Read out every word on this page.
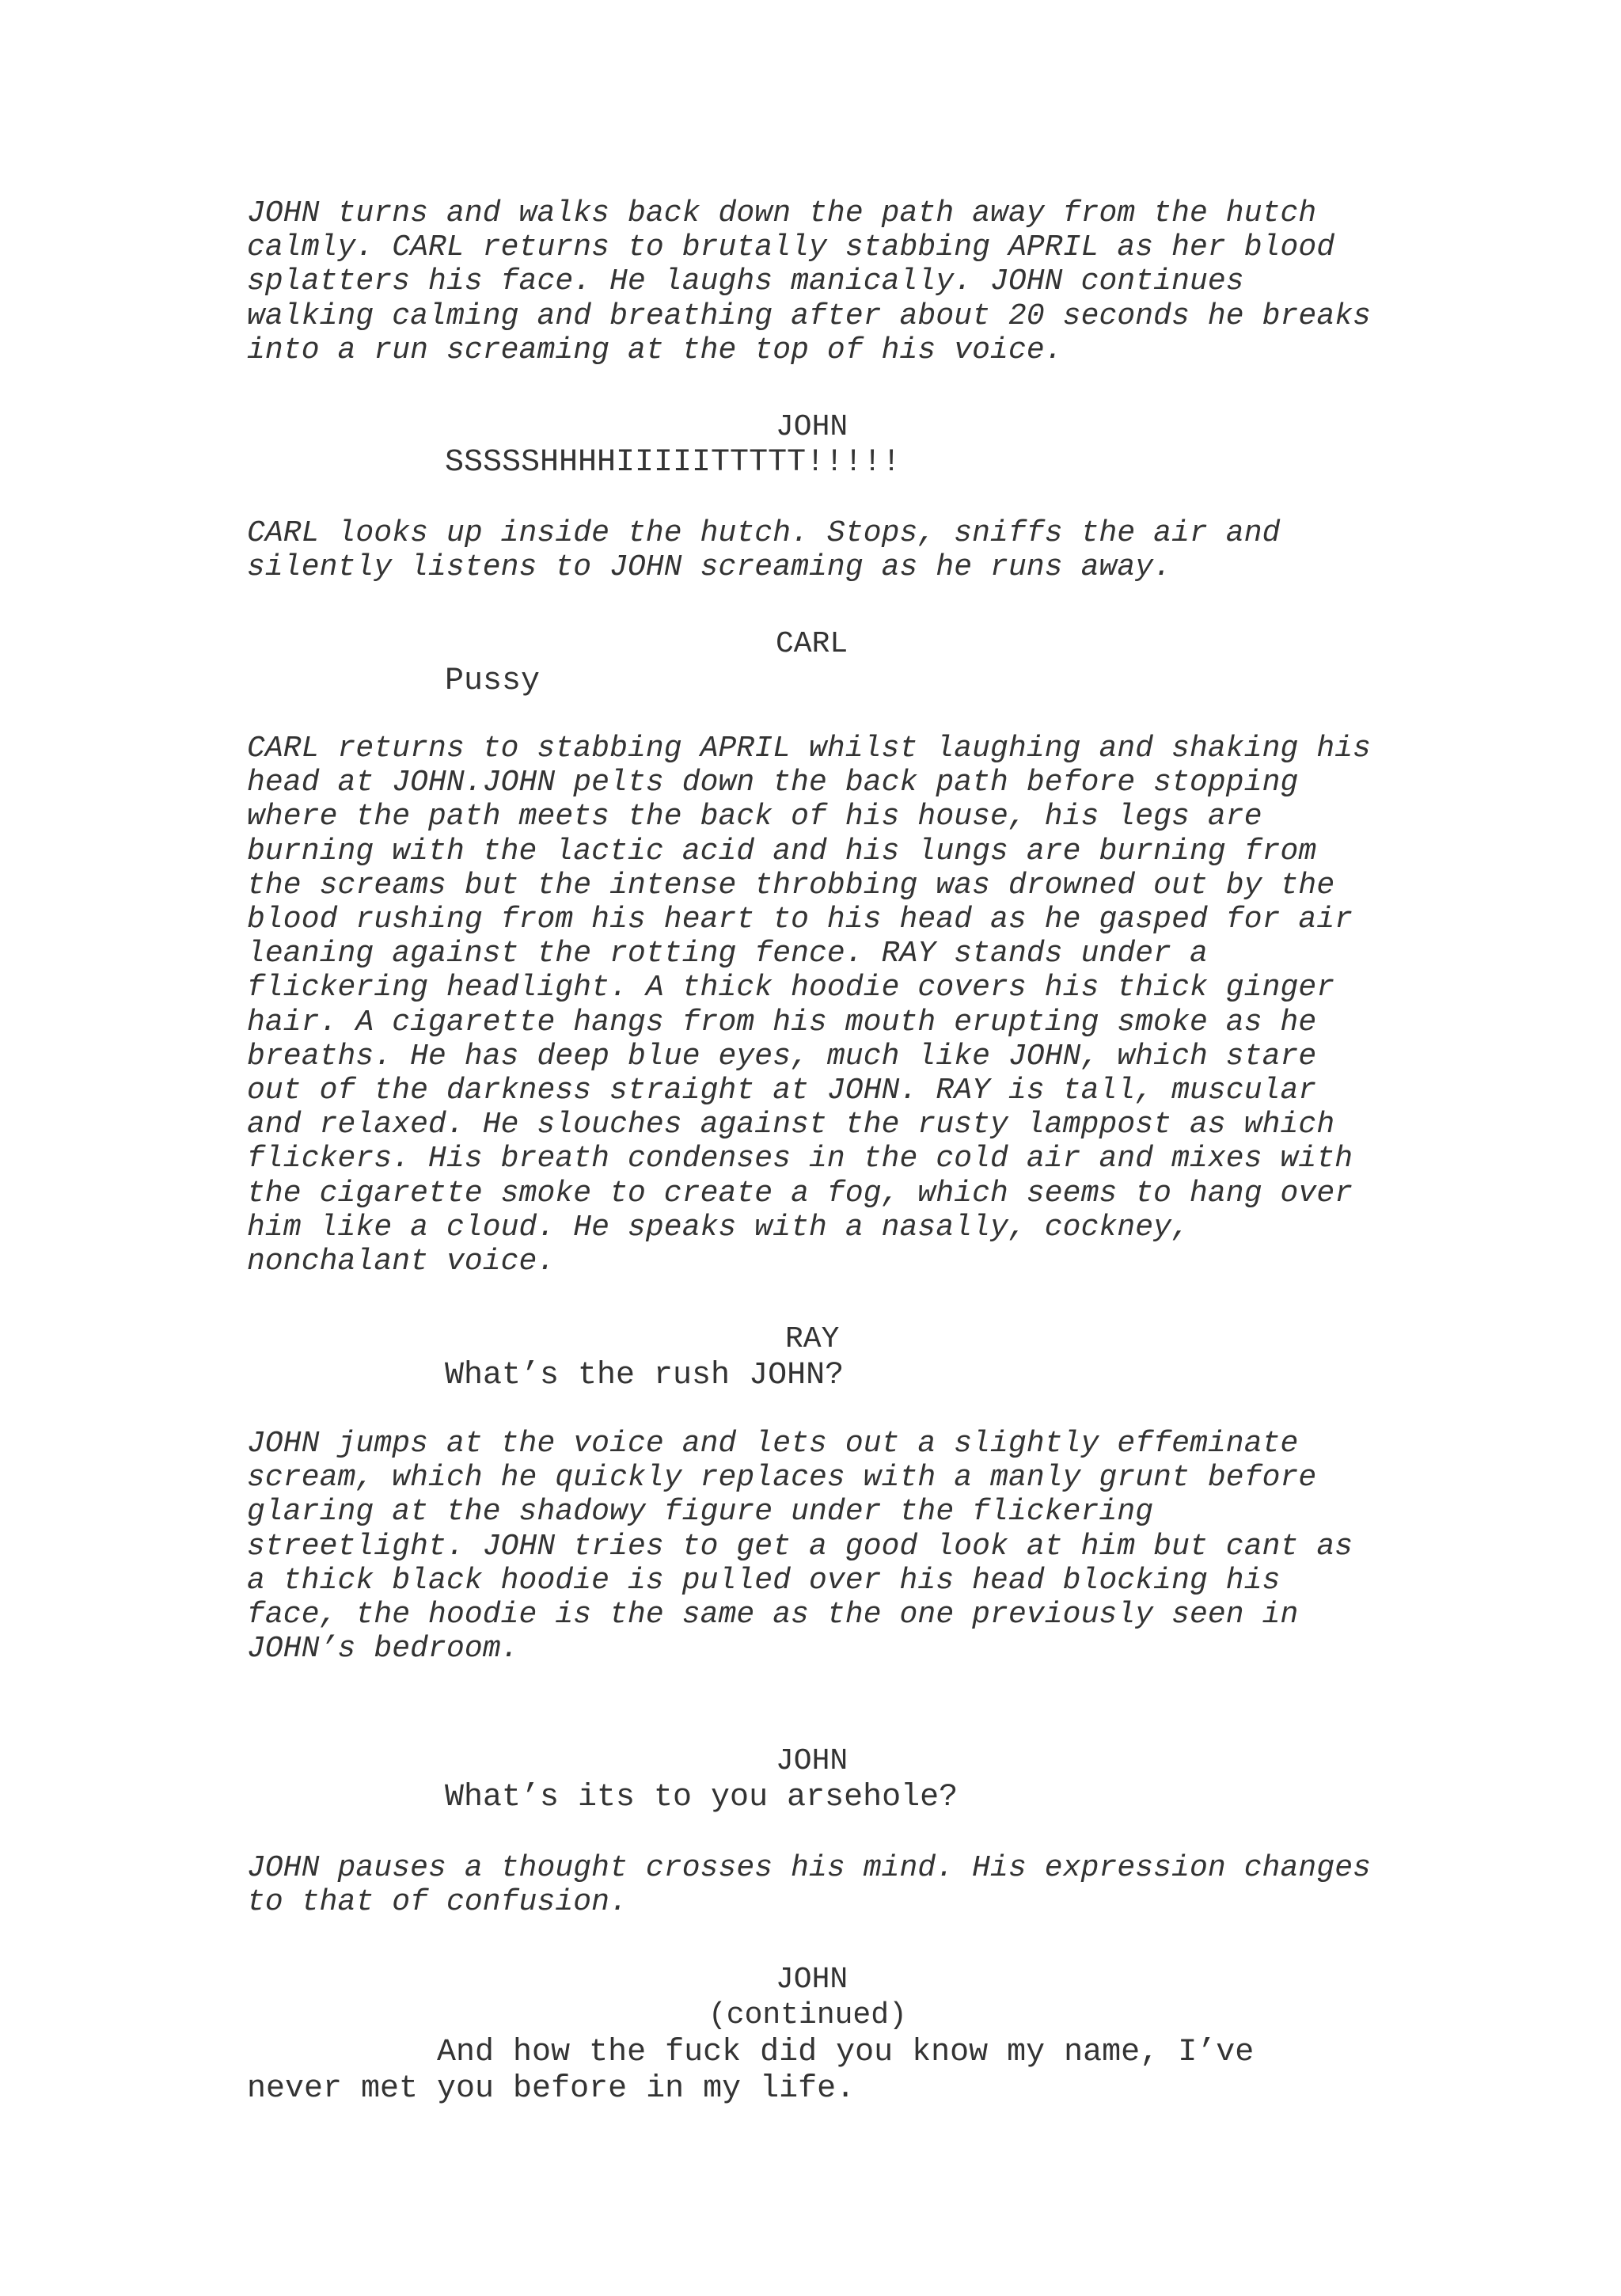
JOHN turns and walks back down the path away from the hutch
calmly. CARL returns to brutally stabbing APRIL as her blood
splatters his face. He laughs manically. JOHN continues
walking calming and breathing after about 20 seconds he breaks
into a run screaming at the top of his voice.

JOHN

SSSSSHHHHIIIIITTTTT!!!!!

CARL looks up inside the hutch. Stops, sniffs the air and
silently listens to JOHN screaming as he runs away.

CARL

Pussy

CARL returns to stabbing APRIL whilst laughing and shaking his
head at JOHN.JOHN pelts down the back path before stopping
where the path meets the back of his house, his legs are
burning with the lactic acid and his lungs are burning from
the screams but the intense throbbing was drowned out by the
blood rushing from his heart to his head as he gasped for air
leaning against the rotting fence. RAY stands under a
flickering headlight. A thick hoodie covers his thick ginger
hair. A cigarette hangs from his mouth erupting smoke as he
breaths. He has deep blue eyes, much like JOHN, which stare
out of the darkness straight at JOHN. RAY is tall, muscular
and relaxed. He slouches against the rusty lamppost as which
flickers. His breath condenses in the cold air and mixes with
the cigarette smoke to create a fog, which seems to hang over
him like a cloud. He speaks with a nasally, cockney,
nonchalant voice.

RAY

What’s the rush JOHN?

JOHN jumps at the voice and lets out a slightly effeminate
scream, which he quickly replaces with a manly grunt before
glaring at the shadowy figure under the flickering
streetlight. JOHN tries to get a good look at him but cant as
a thick black hoodie is pulled over his head blocking his
face, the hoodie is the same as the one previously seen in
JOHN’s bedroom.

JOHN

What’s its to you arsehole?

JOHN pauses a thought crosses his mind. His expression changes
to that of confusion.

JOHN

(continued)

And how the fuck did you know my name, I’ve
never met you before in my life.
